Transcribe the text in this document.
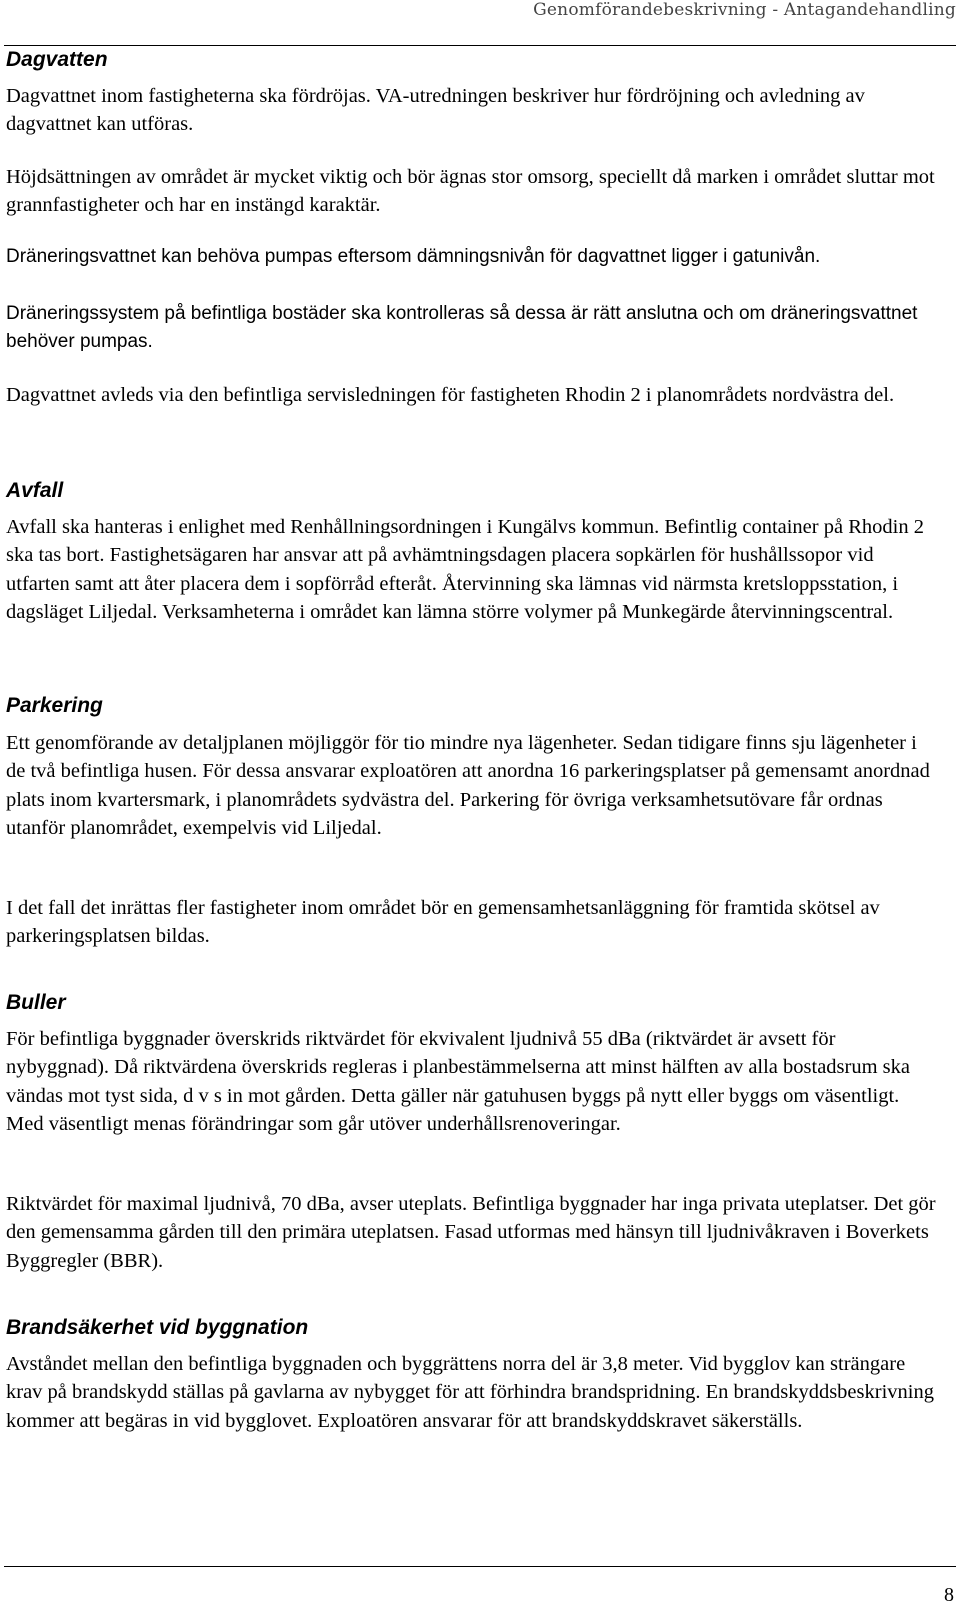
Genomförandebeskrivning - Antagandehandling
Dagvatten

Dagvattnet inom fastigheterna ska fördröjas. VA-utredningen beskriver hur fördröjning och avledning av dagvattnet kan utföras.

Höjdsättningen av området är mycket viktig och bör ägnas stor omsorg, speciellt då marken i området sluttar mot grannfastigheter och har en instängd karaktär.

Dräneringsvattnet kan behöva pumpas eftersom dämningsnivån för dagvattnet ligger i gatunivån.

Dräneringssystem på befintliga bostäder ska kontrolleras så dessa är rätt anslutna och om dräneringsvattnet behöver pumpas.

Dagvattnet avleds via den befintliga servisledningen för fastigheten Rhodin 2 i planområdets nordvästra del.

Avfall

Avfall ska hanteras i enlighet med Renhållningsordningen i Kungälvs kommun. Befintlig container på Rhodin 2 ska tas bort. Fastighetsägaren har ansvar att på avhämtningsdagen placera sopkärlen för hushållssopor vid utfarten samt att åter placera dem i sopförråd efteråt. Återvinning ska lämnas vid närmsta kretsloppsstation, i dagsläget Liljedal. Verksamheterna i området kan lämna större volymer på Munkegärde återvinningscentral.

Parkering

Ett genomförande av detaljplanen möjliggör för tio mindre nya lägenheter. Sedan tidigare finns sju lägenheter i de två befintliga husen. För dessa ansvarar exploatören att anordna 16 parkeringsplatser på gemensamt anordnad plats inom kvartersmark, i planområdets sydvästra del. Parkering för övriga verksamhetsutövare får ordnas utanför planområdet, exempelvis vid Liljedal.

I det fall det inrättas fler fastigheter inom området bör en gemensamhetsanläggning för framtida skötsel av parkeringsplatsen bildas.

Buller

För befintliga byggnader överskrids riktvärdet för ekvivalent ljudnivå 55 dBa (riktvärdet är avsett för nybyggnad). Då riktvärdena överskrids regleras i planbestämmelserna att minst hälften av alla bostadsrum ska vändas mot tyst sida, d v s in mot gården. Detta gäller när gatuhusen byggs på nytt eller byggs om väsentligt. Med väsentligt menas förändringar som går utöver underhållsrenoveringar.

Riktvärdet för maximal ljudnivå, 70 dBa, avser uteplats. Befintliga byggnader har inga privata uteplatser. Det gör den gemensamma gården till den primära uteplatsen. Fasad utformas med hänsyn till ljudnivåkraven i Boverkets Byggregler (BBR).

Brandsäkerhet vid byggnation

Avståndet mellan den befintliga byggnaden och byggrättens norra del är 3,8 meter. Vid bygglov kan strängare krav på brandskydd ställas på gavlarna av nybygget för att förhindra brandspridning. En brandskyddsbeskrivning kommer att begäras in vid bygglovet. Exploatören ansvarar för att brandskyddskravet säkerställs.

8
